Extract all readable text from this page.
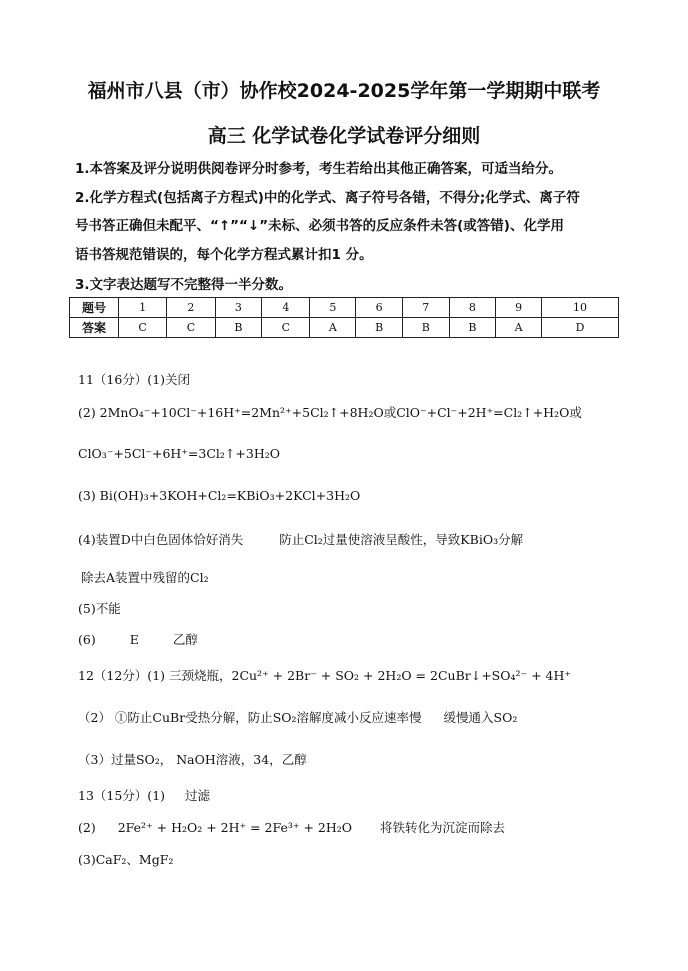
福州市八县（市）协作校2024-2025学年第一学期期中联考
高三 化学试卷化学试卷评分细则
1.本答案及评分说明供阅卷评分时参考，考生若给出其他正确答案，可适当给分。
2.化学方程式(包括离子方程式)中的化学式、离子符号各错，不得分;化学式、离子符
号书答正确但未配平、“↑”“↓”未标、必须书答的反应条件未答(或答错)、化学用
语书答规范错误的，每个化学方程式累计扣1 分。
3.文字表达题写不完整得一半分数。
题号	1	2	3	4	5	6	7	8	9	10
答案	C	C	B	C	A	B	B	B	A	D
11（16分）(1)关闭
(2) 2MnO₄⁻+10Cl⁻+16H⁺=2Mn²⁺+5Cl₂↑+8H₂O或ClO⁻+Cl⁻+2H⁺=Cl₂↑+H₂O或
ClO₃⁻+5Cl⁻+6H⁺=3Cl₂↑+3H₂O
(3) Bi(OH)₃+3KOH+Cl₂=KBiO₃+2KCl+3H₂O
(4)装置D中白色固体恰好消失	防止Cl₂过量使溶液呈酸性，导致KBiO₃分解
除去A装置中残留的Cl₂
(5)不能
(6)	E	乙醇
12（12分）(1) 三颈烧瓶，2Cu²⁺ + 2Br⁻ + SO₂ + 2H₂O = 2CuBr↓+SO₄²⁻ + 4H⁺
（2） ①防止CuBr受热分解，防止SO₂溶解度减小反应速率慢 缓慢通入SO₂
（3）过量SO₂， NaOH溶液，34，乙醇
13（15分）(1) 过滤
(2) 2Fe²⁺ + H₂O₂ + 2H⁺ = 2Fe³⁺ + 2H₂O 将铁转化为沉淀而除去
(3)CaF₂、MgF₂
